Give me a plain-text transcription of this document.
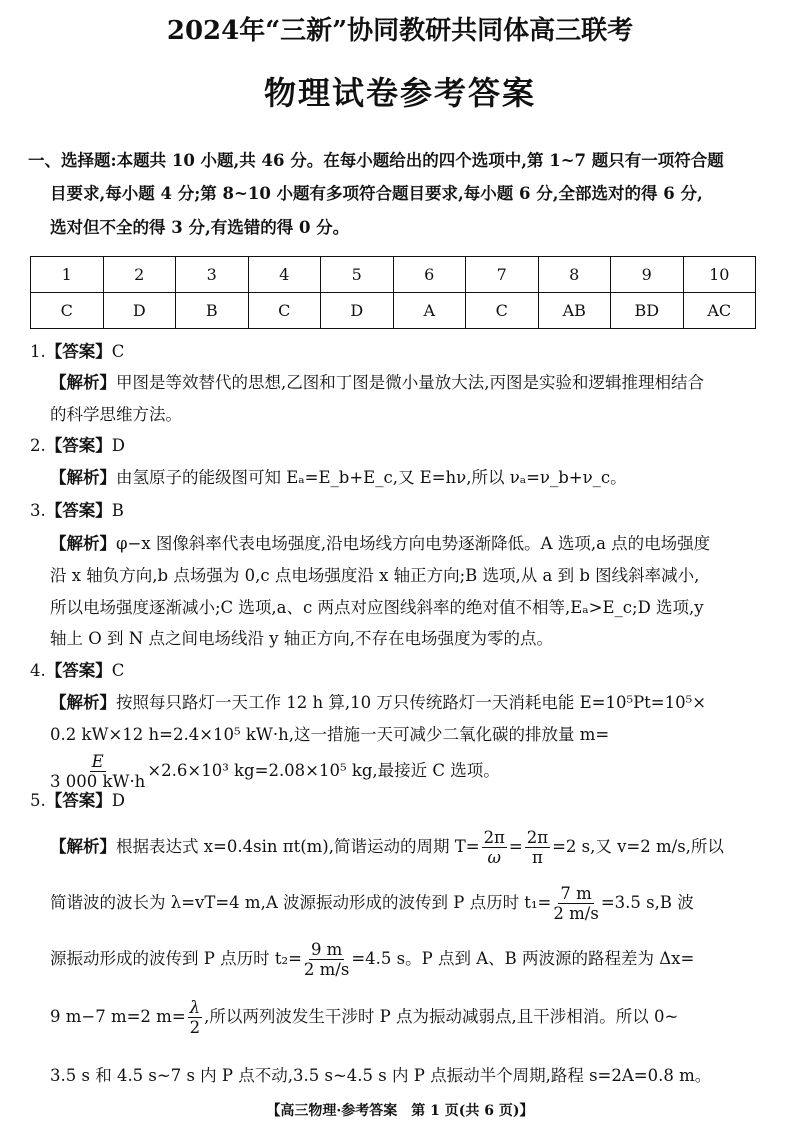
2024年“三新”协同教研共同体高三联考
物理试卷参考答案
一、选择题:本题共 10 小题,共 46 分。在每小题给出的四个选项中,第 1~7 题只有一项符合题
目要求,每小题 4 分;第 8~10 小题有多项符合题目要求,每小题 6 分,全部选对的得 6 分,
选对但不全的得 3 分,有选错的得 0 分。
1	2	3	4	5	6	7	8	9	10
C	D	B	C	D	A	C	AB	BD	AC
1.【答案】C
【解析】甲图是等效替代的思想,乙图和丁图是微小量放大法,丙图是实验和逻辑推理相结合
的科学思维方法。
2.【答案】D
【解析】由氢原子的能级图可知 Eₐ=E_b+E_c,又 E=hν,所以 νₐ=ν_b+ν_c。
3.【答案】B
【解析】φ−x 图像斜率代表电场强度,沿电场线方向电势逐渐降低。A 选项,a 点的电场强度
沿 x 轴负方向,b 点场强为 0,c 点电场强度沿 x 轴正方向;B 选项,从 a 到 b 图线斜率减小,
所以电场强度逐渐减小;C 选项,a、c 两点对应图线斜率的绝对值不相等,Eₐ>E_c;D 选项,y
轴上 O 到 N 点之间电场线沿 y 轴正方向,不存在电场强度为零的点。
4.【答案】C
【解析】按照每只路灯一天工作 12 h 算,10 万只传统路灯一天消耗电能 E=10⁵Pt=10⁵×
0.2 kW×12 h=2.4×10⁵ kW·h,这一措施一天可减少二氧化碳的排放量 m=
$\frac{E}{3 000 kW\cdot h} \times 2.6\times 10^3$ kg=2.08×10⁵ kg,最接近 C 选项。
5.【答案】D
【解析】根据表达式 x=0.4sin πt(m),简谐运动的周期 $T= \frac{2\pi}{\omega} = \frac{2\pi}{\pi} =2$ s,又 v=2 m/s,所以
简谐波的波长为 λ=vT=4 m,A 波源振动形成的波传到 P 点历时 $t_1= \frac{7 m}{2 m/s} =3.5$ s,B 波
源振动形成的波传到 P 点历时 $t_2= \frac{9 m}{2 m/s} =4.5$ s。P 点到 A、B 两波源的路程差为 Δx=
9 m−7 m=2 $m= \frac{\lambda}{2}$ ,所以两列波发生干涉时 P 点为振动减弱点,且干涉相消。所以 0~
3.5 s 和 4.5 s~7 s 内 P 点不动,3.5 s~4.5 s 内 P 点振动半个周期,路程 s=2A=0.8 m。
【高三物理·参考答案　第 1 页(共 6 页)】
